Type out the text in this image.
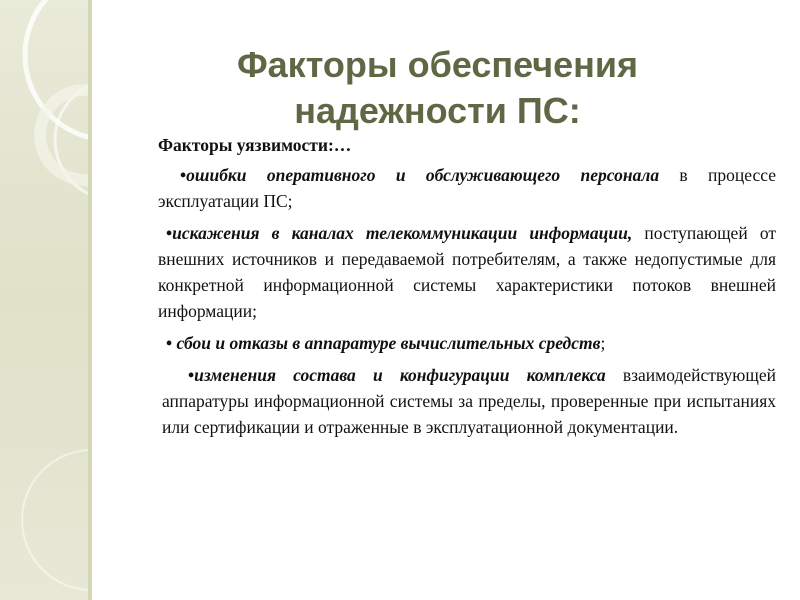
Факторы обеспечения
надежности ПС:
Факторы уязвимости:…
•ошибки оперативного и обслуживающего персонала в процессе эксплуатации ПС;
•искажения в каналах телекоммуникации информации, поступающей от внешних источников и передаваемой потребителям, а также недопустимые для конкретной информационной системы характеристики потоков внешней информации;
• сбои и отказы в аппаратуре вычислительных средств;
•изменения состава и конфигурации комплекса взаимодействующей аппаратуры информационной системы за пределы, проверенные при испытаниях или сертификации и отраженные в эксплуатационной документации.
